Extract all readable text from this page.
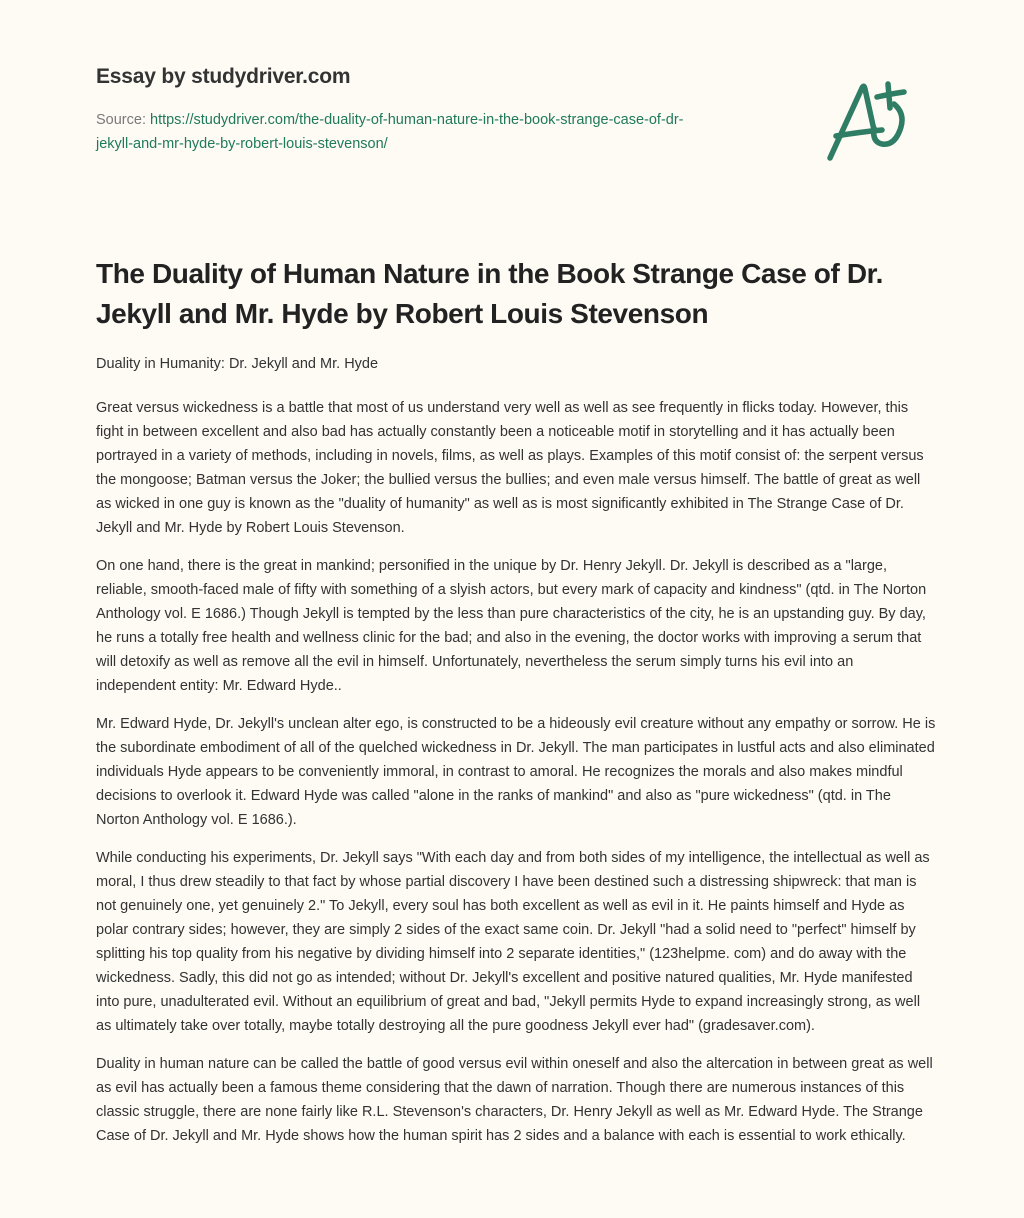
Essay by studydriver.com
Source: https://studydriver.com/the-duality-of-human-nature-in-the-book-strange-case-of-dr-
jekyll-and-mr-hyde-by-robert-louis-stevenson/
The Duality of Human Nature in the Book Strange Case of Dr. Jekyll and Mr. Hyde by Robert Louis Stevenson

Duality in Humanity: Dr. Jekyll and Mr. Hyde

Great versus wickedness is a battle that most of us understand very well as well as see frequently in flicks today. However, this fight in between excellent and also bad has actually constantly been a noticeable motif in storytelling and it has actually been portrayed in a variety of methods, including in novels, films, as well as plays. Examples of this motif consist of: the serpent versus the mongoose; Batman versus the Joker; the bullied versus the bullies; and even male versus himself. The battle of great as well as wicked in one guy is known as the "duality of humanity" as well as is most significantly exhibited in The Strange Case of Dr. Jekyll and Mr. Hyde by Robert Louis Stevenson.

On one hand, there is the great in mankind; personified in the unique by Dr. Henry Jekyll. Dr. Jekyll is described as a "large, reliable, smooth-faced male of fifty with something of a slyish actors, but every mark of capacity and kindness" (qtd. in The Norton Anthology vol. E 1686.) Though Jekyll is tempted by the less than pure characteristics of the city, he is an upstanding guy. By day, he runs a totally free health and wellness clinic for the bad; and also in the evening, the doctor works with improving a serum that will detoxify as well as remove all the evil in himself. Unfortunately, nevertheless the serum simply turns his evil into an independent entity: Mr. Edward Hyde..

Mr. Edward Hyde, Dr. Jekyll's unclean alter ego, is constructed to be a hideously evil creature without any empathy or sorrow. He is the subordinate embodiment of all of the quelched wickedness in Dr. Jekyll. The man participates in lustful acts and also eliminated individuals Hyde appears to be conveniently immoral, in contrast to amoral. He recognizes the morals and also makes mindful decisions to overlook it. Edward Hyde was called "alone in the ranks of mankind" and also as "pure wickedness" (qtd. in The Norton Anthology vol. E 1686.).

While conducting his experiments, Dr. Jekyll says "With each day and from both sides of my intelligence, the intellectual as well as moral, I thus drew steadily to that fact by whose partial discovery I have been destined such a distressing shipwreck: that man is not genuinely one, yet genuinely 2." To Jekyll, every soul has both excellent as well as evil in it. He paints himself and Hyde as polar contrary sides; however, they are simply 2 sides of the exact same coin. Dr. Jekyll "had a solid need to "perfect" himself by splitting his top quality from his negative by dividing himself into 2 separate identities," (123helpme. com) and do away with the wickedness. Sadly, this did not go as intended; without Dr. Jekyll's excellent and positive natured qualities, Mr. Hyde manifested into pure, unadulterated evil. Without an equilibrium of great and bad, "Jekyll permits Hyde to expand increasingly strong, as well as ultimately take over totally, maybe totally destroying all the pure goodness Jekyll ever had" (gradesaver.com).

Duality in human nature can be called the battle of good versus evil within oneself and also the altercation in between great as well as evil has actually been a famous theme considering that the dawn of narration. Though there are numerous instances of this classic struggle, there are none fairly like R.L. Stevenson's characters, Dr. Henry Jekyll as well as Mr. Edward Hyde. The Strange Case of Dr. Jekyll and Mr. Hyde shows how the human spirit has 2 sides and a balance with each is essential to work ethically.
